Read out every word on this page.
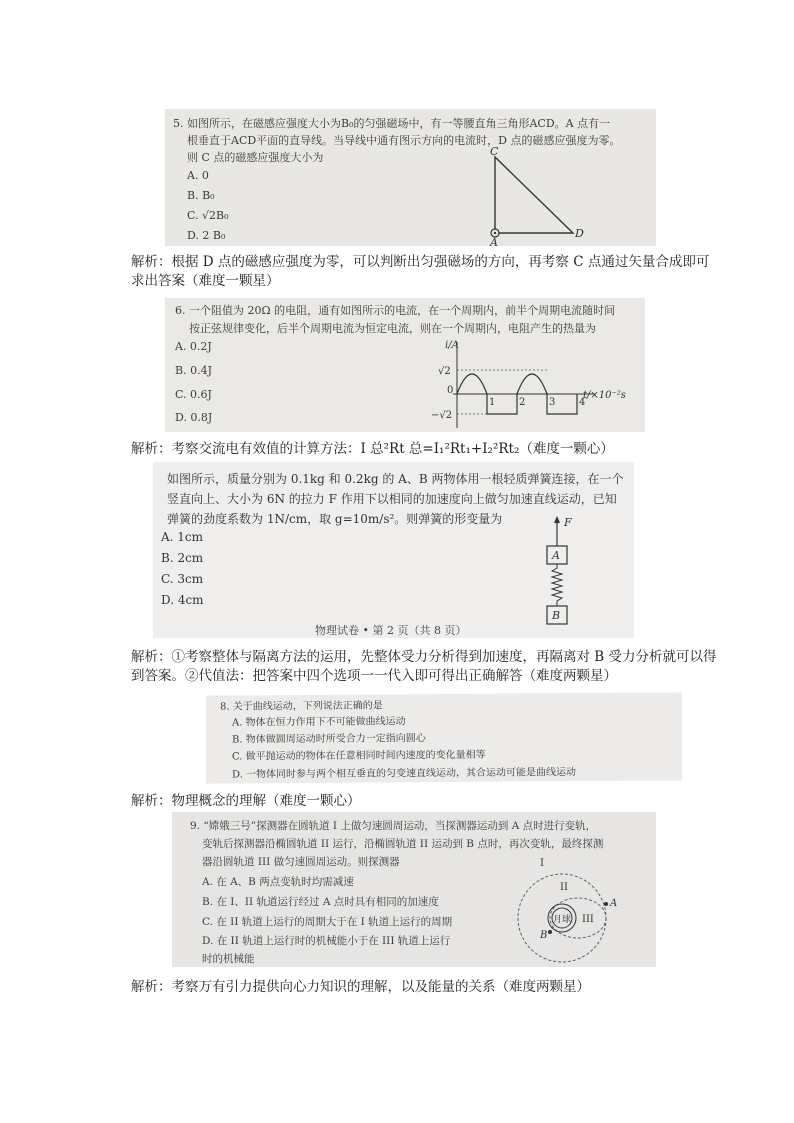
5. 如图所示，在磁感应强度大小为B₀的匀强磁场中，有一等腰直角三角形ACD。A 点有一
根垂直于ACD平面的直导线。当导线中通有图示方向的电流时，D 点的磁感应强度为零。
则 C 点的磁感应强度大小为
A. 0
B. B₀
C. √2B₀
D. 2 B₀
C
A
D
解析：根据 D 点的磁感应强度为零，可以判断出匀强磁场的方向，再考察 C 点通过矢量合成即可求出答案（难度一颗星）
6. 一个阻值为 20Ω 的电阻，通有如图所示的电流，在一个周期内，前半个周期电流随时间
按正弦规律变化，后半个周期电流为恒定电流，则在一个周期内，电阻产生的热量为
A. 0.2J
B. 0.4J
C. 0.6J
D. 0.8J
i/A
√2
−√2
0
1 2 3 4
t/×10⁻²s
解析：考察交流电有效值的计算方法：I 总²Rt 总=I₁²Rt₁+I₂²Rt₂（难度一颗心）
如图所示，质量分别为 0.1kg 和 0.2kg 的 A、B 两物体用一根轻质弹簧连接，在一个
竖直向上、大小为 6N 的拉力 F 作用下以相同的加速度向上做匀加速直线运动，已知
弹簧的劲度系数为 1N/cm，取 g=10m/s²。则弹簧的形变量为
A. 1cm
B. 2cm
C. 3cm
D. 4cm
F
A
B
物理试卷 • 第 2 页（共 8 页）
解析：①考察整体与隔离方法的运用，先整体受力分析得到加速度，再隔离对 B 受力分析就可以得到答案。②代值法：把答案中四个选项一一代入即可得出正确解答（难度两颗星）
8. 关于曲线运动，下列说法正确的是
A. 物体在恒力作用下不可能做曲线运动
B. 物体做圆周运动时所受合力一定指向圆心
C. 做平抛运动的物体在任意相同时间内速度的变化量相等
D. 一物体同时参与两个相互垂直的匀变速直线运动，其合运动可能是曲线运动
解析：物理概念的理解（难度一颗心）
9. “嫦娥三号”探测器在圆轨道 I 上做匀速圆周运动，当探测器运动到 A 点时进行变轨，
变轨后探测器沿椭圆轨道 II 运行，沿椭圆轨道 II 运动到 B 点时，再次变轨，最终探测
器沿圆轨道 III 做匀速圆周运动。则探测器
A. 在 A、B 两点变轨时均需减速
B. 在 I、II 轨道运行经过 A 点时具有相同的加速度
C. 在 II 轨道上运行的周期大于在 I 轨道上运行的周期
D. 在 II 轨道上运行时的机械能小于在 III 轨道上运行
时的机械能
月球
I
II
III
A
B
解析：考察万有引力提供向心力知识的理解，以及能量的关系（难度两颗星）
